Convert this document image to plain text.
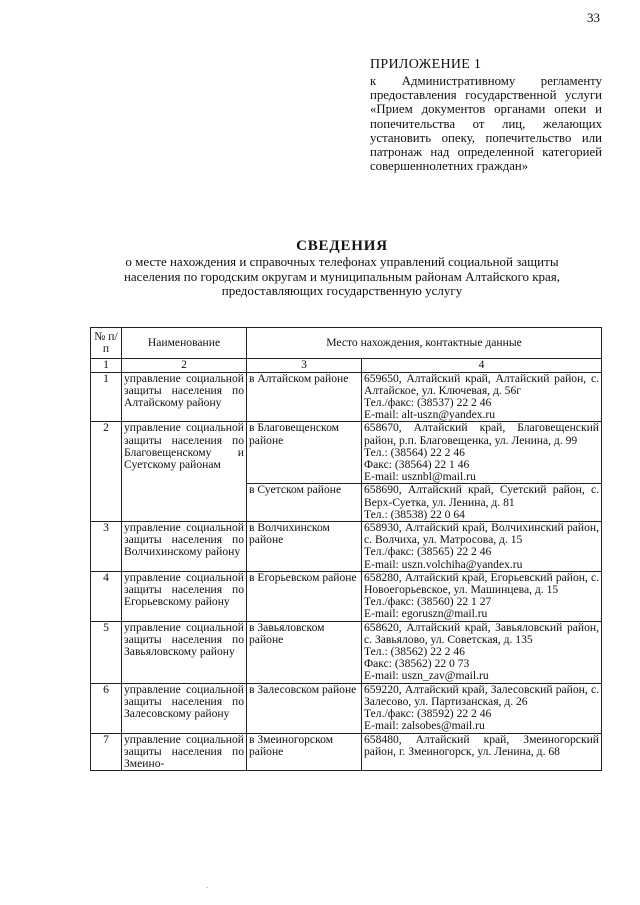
33
ПРИЛОЖЕНИЕ 1
к Административному регламенту предоставления государственной услуги «Прием документов органами опеки и попечительства от лиц, желающих установить опеку, попечительство или патронаж над определенной категорией совершеннолетних граждан»
СВЕДЕНИЯ
о месте нахождения и справочных телефонах управлений социальной защиты населения по городским округам и муниципальным районам Алтайского края, предоставляющих государственную услугу
№ п/п	Наименование	Место нахождения, контактные данные	
1	2	3	4
1	управление социальной защиты населения по Алтайскому району	в Алтайском районе	659650, Алтайский край, Алтайский район, с. Алтайское, ул. Ключевая, д. 56г
Тел./факс: (38537) 22 2 46
E-mail: alt-uszn@yandex.ru

2	управление социальной защиты населения по Благовещенскому и Суетскому районам	в Благовещенском районе	658670, Алтайский край, Благовещенский район, р.п. Благовещенка, ул. Ленина, д. 99
Тел.: (38564) 22 2 46
Факс: (38564) 22 1 46
E-mail: usznbl@mail.ru

		в Суетском районе	658690, Алтайский край, Суетский район, с. Верх-Суетка, ул. Ленина, д. 81
Тел.: (38538) 22 0 64

3	управление социальной защиты населения по Волчихинскому району	в Волчихинском районе	658930, Алтайский край, Волчихинский район, с. Волчиха, ул. Матросова, д. 15
Тел./факс: (38565) 22 2 46
E-mail: uszn.volchiha@yandex.ru

4	управление социальной защиты населения по Егорьевскому району	в Егорьевском районе	658280, Алтайский край, Егорьевский район, с. Новоегорьевское, ул. Машинцева, д. 15
Тел./факс: (38560) 22 1 27
E-mail: egoruszn@mail.ru

5	управление социальной защиты населения по Завьяловскому району	в Завьяловском районе	658620, Алтайский край, Завьяловский район, с. Завьялово, ул. Советская, д. 135
Тел.: (38562) 22 2 46
Факс: (38562) 22 0 73
E-mail: uszn_zav@mail.ru

6	управление социальной защиты населения по Залесовскому району	в Залесовском районе	659220, Алтайский край, Залесовский район, с. Залесово, ул. Партизанская, д. 26
Тел./факс: (38592) 22 2 46
E-mail: zalsobes@mail.ru

7	управление социальной защиты населения по Змеино-	в Змеиногорском районе	658480, Алтайский край, Змеиногорский район, г. Змеиногорск, ул. Ленина, д. 68
.
